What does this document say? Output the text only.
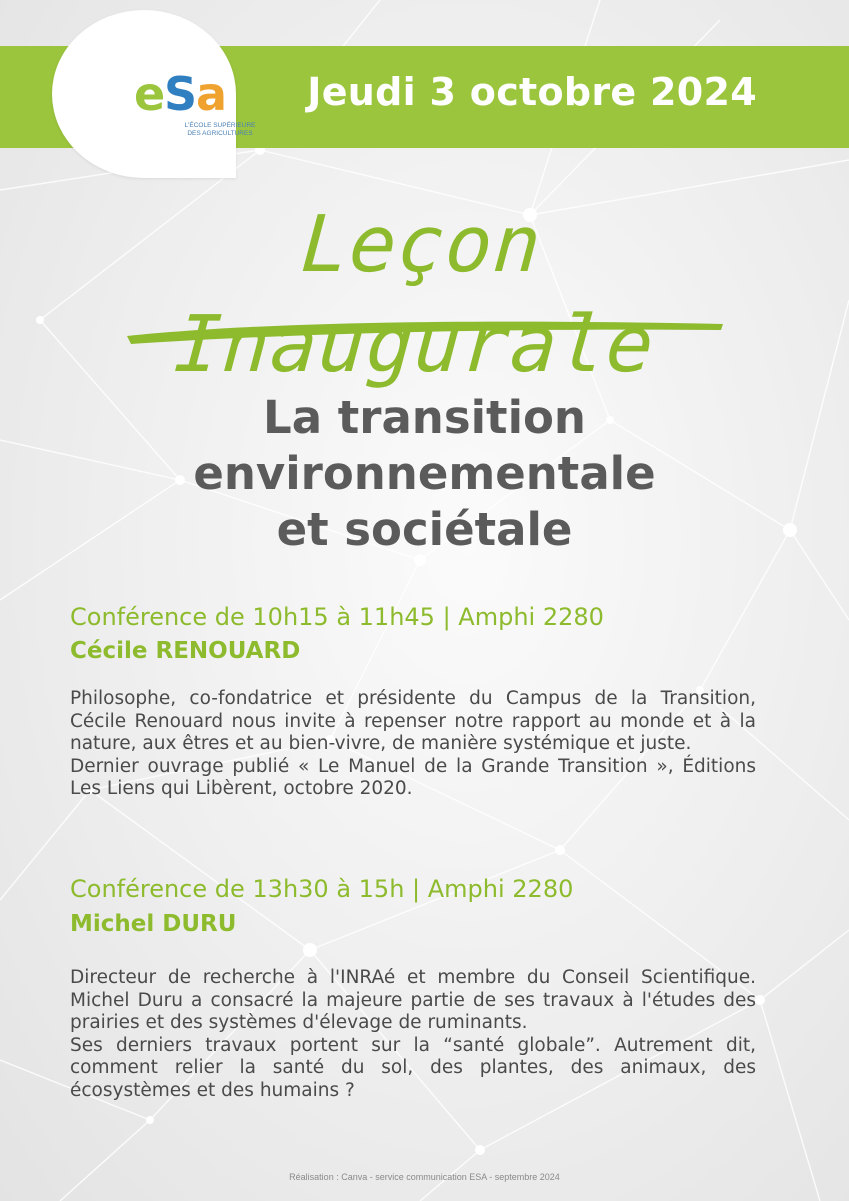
Jeudi 3 octobre 2024
e
S
a
L'ÉCOLE SUPÉRIEURE
DES AGRICULTURES
Leçon Inaugurale
La transition
environnementale
et sociétale
Conférence de 10h15 à 11h45 | Amphi 2280
Cécile RENOUARD

Philosophe, co-fondatrice et présidente du Campus de la Transition, Cécile Renouard nous invite à repenser notre rapport au monde et à la nature, aux êtres et au bien-vivre, de manière systémique et juste.

Dernier ouvrage publié « Le Manuel de la Grande Transition », Éditions Les Liens qui Libèrent, octobre 2020.

Conférence de 13h30 à 15h | Amphi 2280
Michel DURU

Directeur de recherche à l'INRAé et membre du Conseil Scientifique. Michel Duru a consacré la majeure partie de ses travaux à l'études des prairies et des systèmes d'élevage de ruminants.

Ses derniers travaux portent sur la “santé globale”. Autrement dit, comment relier la santé du sol, des plantes, des animaux, des écosystèmes et des humains ?

Réalisation : Canva - service communication ESA - septembre 2024
